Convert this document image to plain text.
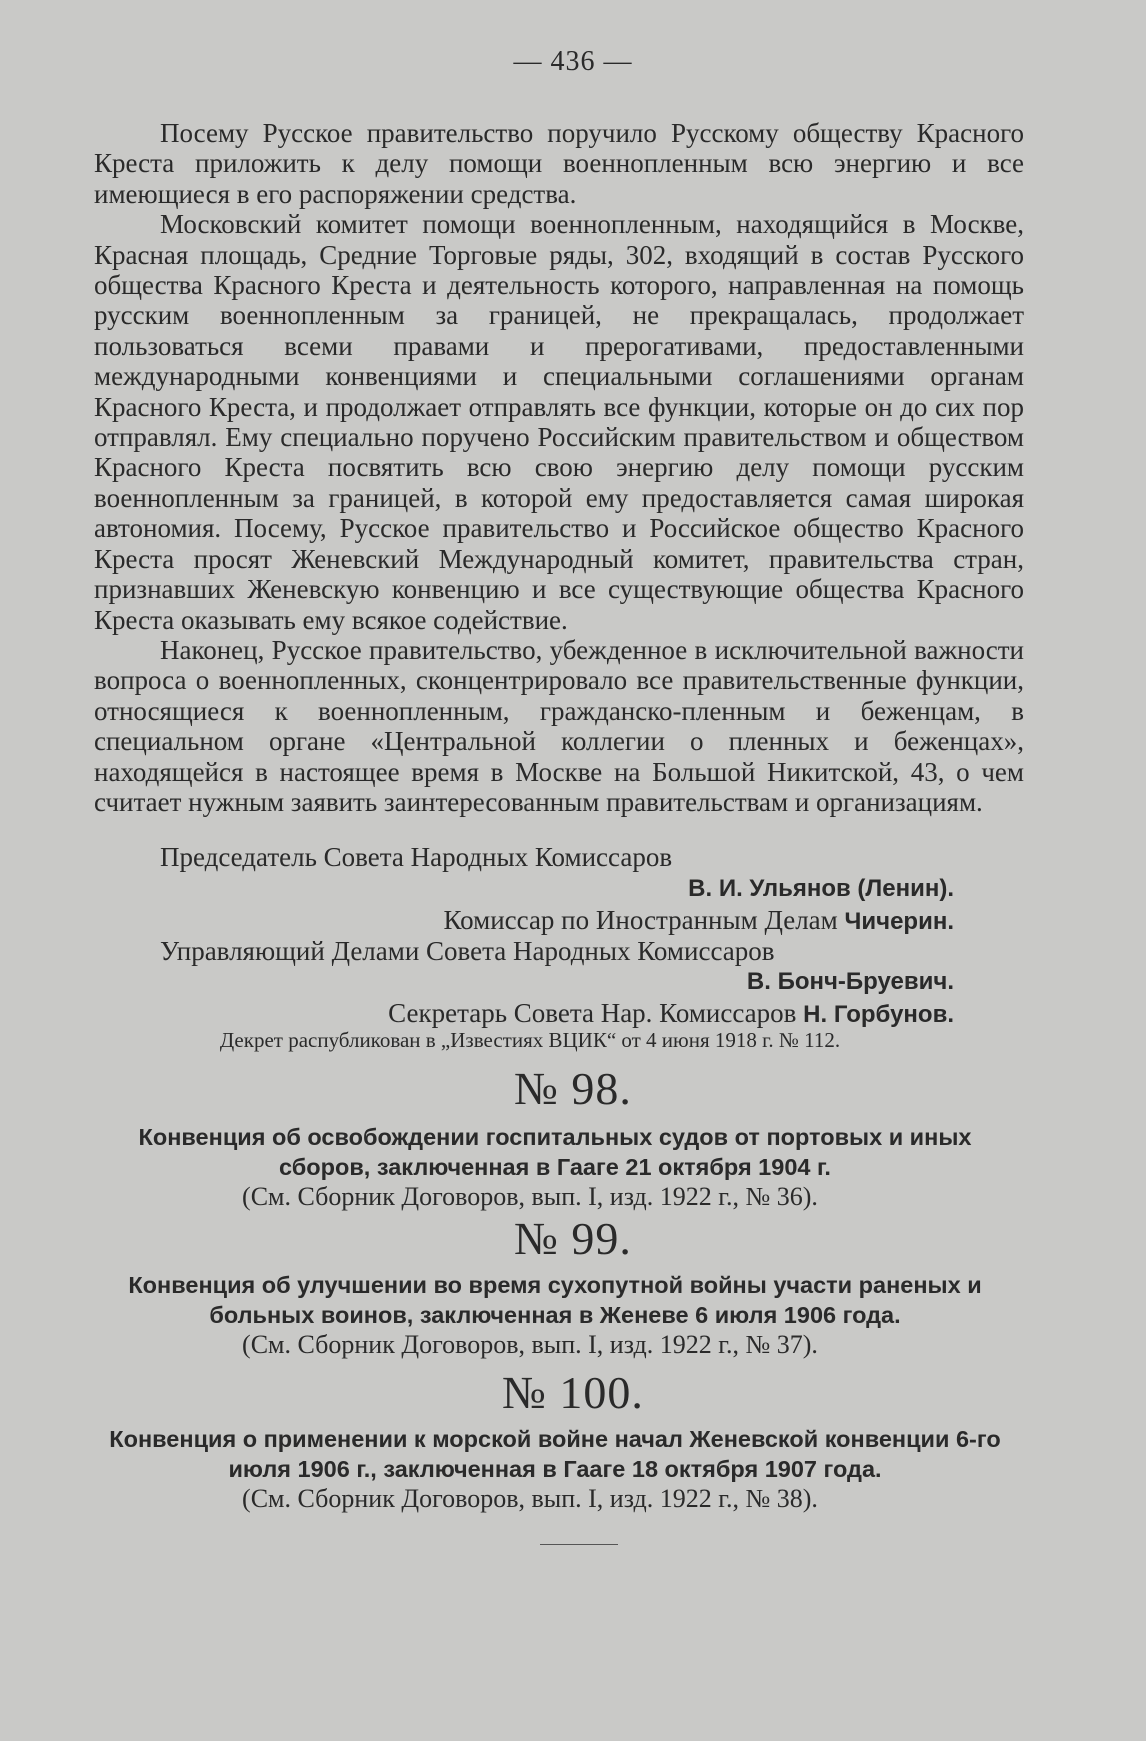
— 436 —

Посему Русское правительство поручило Русскому обществу Красного Креста приложить к делу помощи военнопленным всю энергию и все имеющиеся в его распоряжении средства.

Московский комитет помощи военнопленным, находящийся в Москве, Красная площадь, Средние Торговые ряды, 302, входящий в состав Русского общества Красного Креста и деятельность которого, направленная на помощь русским военнопленным за границей, не прекращалась, продолжает пользоваться всеми правами и прерогативами, предоставленными международными конвенциями и специальными соглашениями органам Красного Креста, и продолжает отправлять все функции, которые он до сих пор отправлял. Ему специально поручено Российским правительством и обществом Красного Креста посвятить всю свою энергию делу помощи русским военнопленным за границей, в которой ему предоставляется самая широкая автономия. Посему, Русское правительство и Российское общество Красного Креста просят Женевский Международный комитет, правительства стран, признавших Женевскую конвенцию и все существующие общества Красного Креста оказывать ему всякое содействие.

Наконец, Русское правительство, убежденное в исключительной важности вопроса о военнопленных, сконцентрировало все правительственные функции, относящиеся к военнопленным, гражданско-пленным и беженцам, в специальном органе «Центральной коллегии о пленных и беженцах», находящейся в настоящее время в Москве на Большой Никитской, 43, о чем считает нужным заявить заинтересованным правительствам и организациям.

Председатель Совета Народных Комиссаров
В. И. Ульянов (Ленин).
Комиссар по Иностранным Делам Чичерин.
Управляющий Делами Совета Народных Комиссаров
В. Бонч-Бруевич.
Секретарь Совета Нар. Комиссаров Н. Горбунов.
Декрет распубликован в „Известиях ВЦИК“ от 4 июня 1918 г. № 112.
№ 98.
Конвенция об освобождении госпитальных судов от портовых и иных сборов, заключенная в Гааге 21 октября 1904 г.
(См. Сборник Договоров, вып. I, изд. 1922 г., № 36).
№ 99.
Конвенция об улучшении во время сухопутной войны участи раненых и больных воинов, заключенная в Женеве 6 июля 1906 года.
(См. Сборник Договоров, вып. I, изд. 1922 г., № 37).
№ 100.
Конвенция о применении к морской войне начал Женевской конвенции 6-го июля 1906 г., заключенная в Гааге 18 октября 1907 года.
(См. Сборник Договоров, вып. I, изд. 1922 г., № 38).
